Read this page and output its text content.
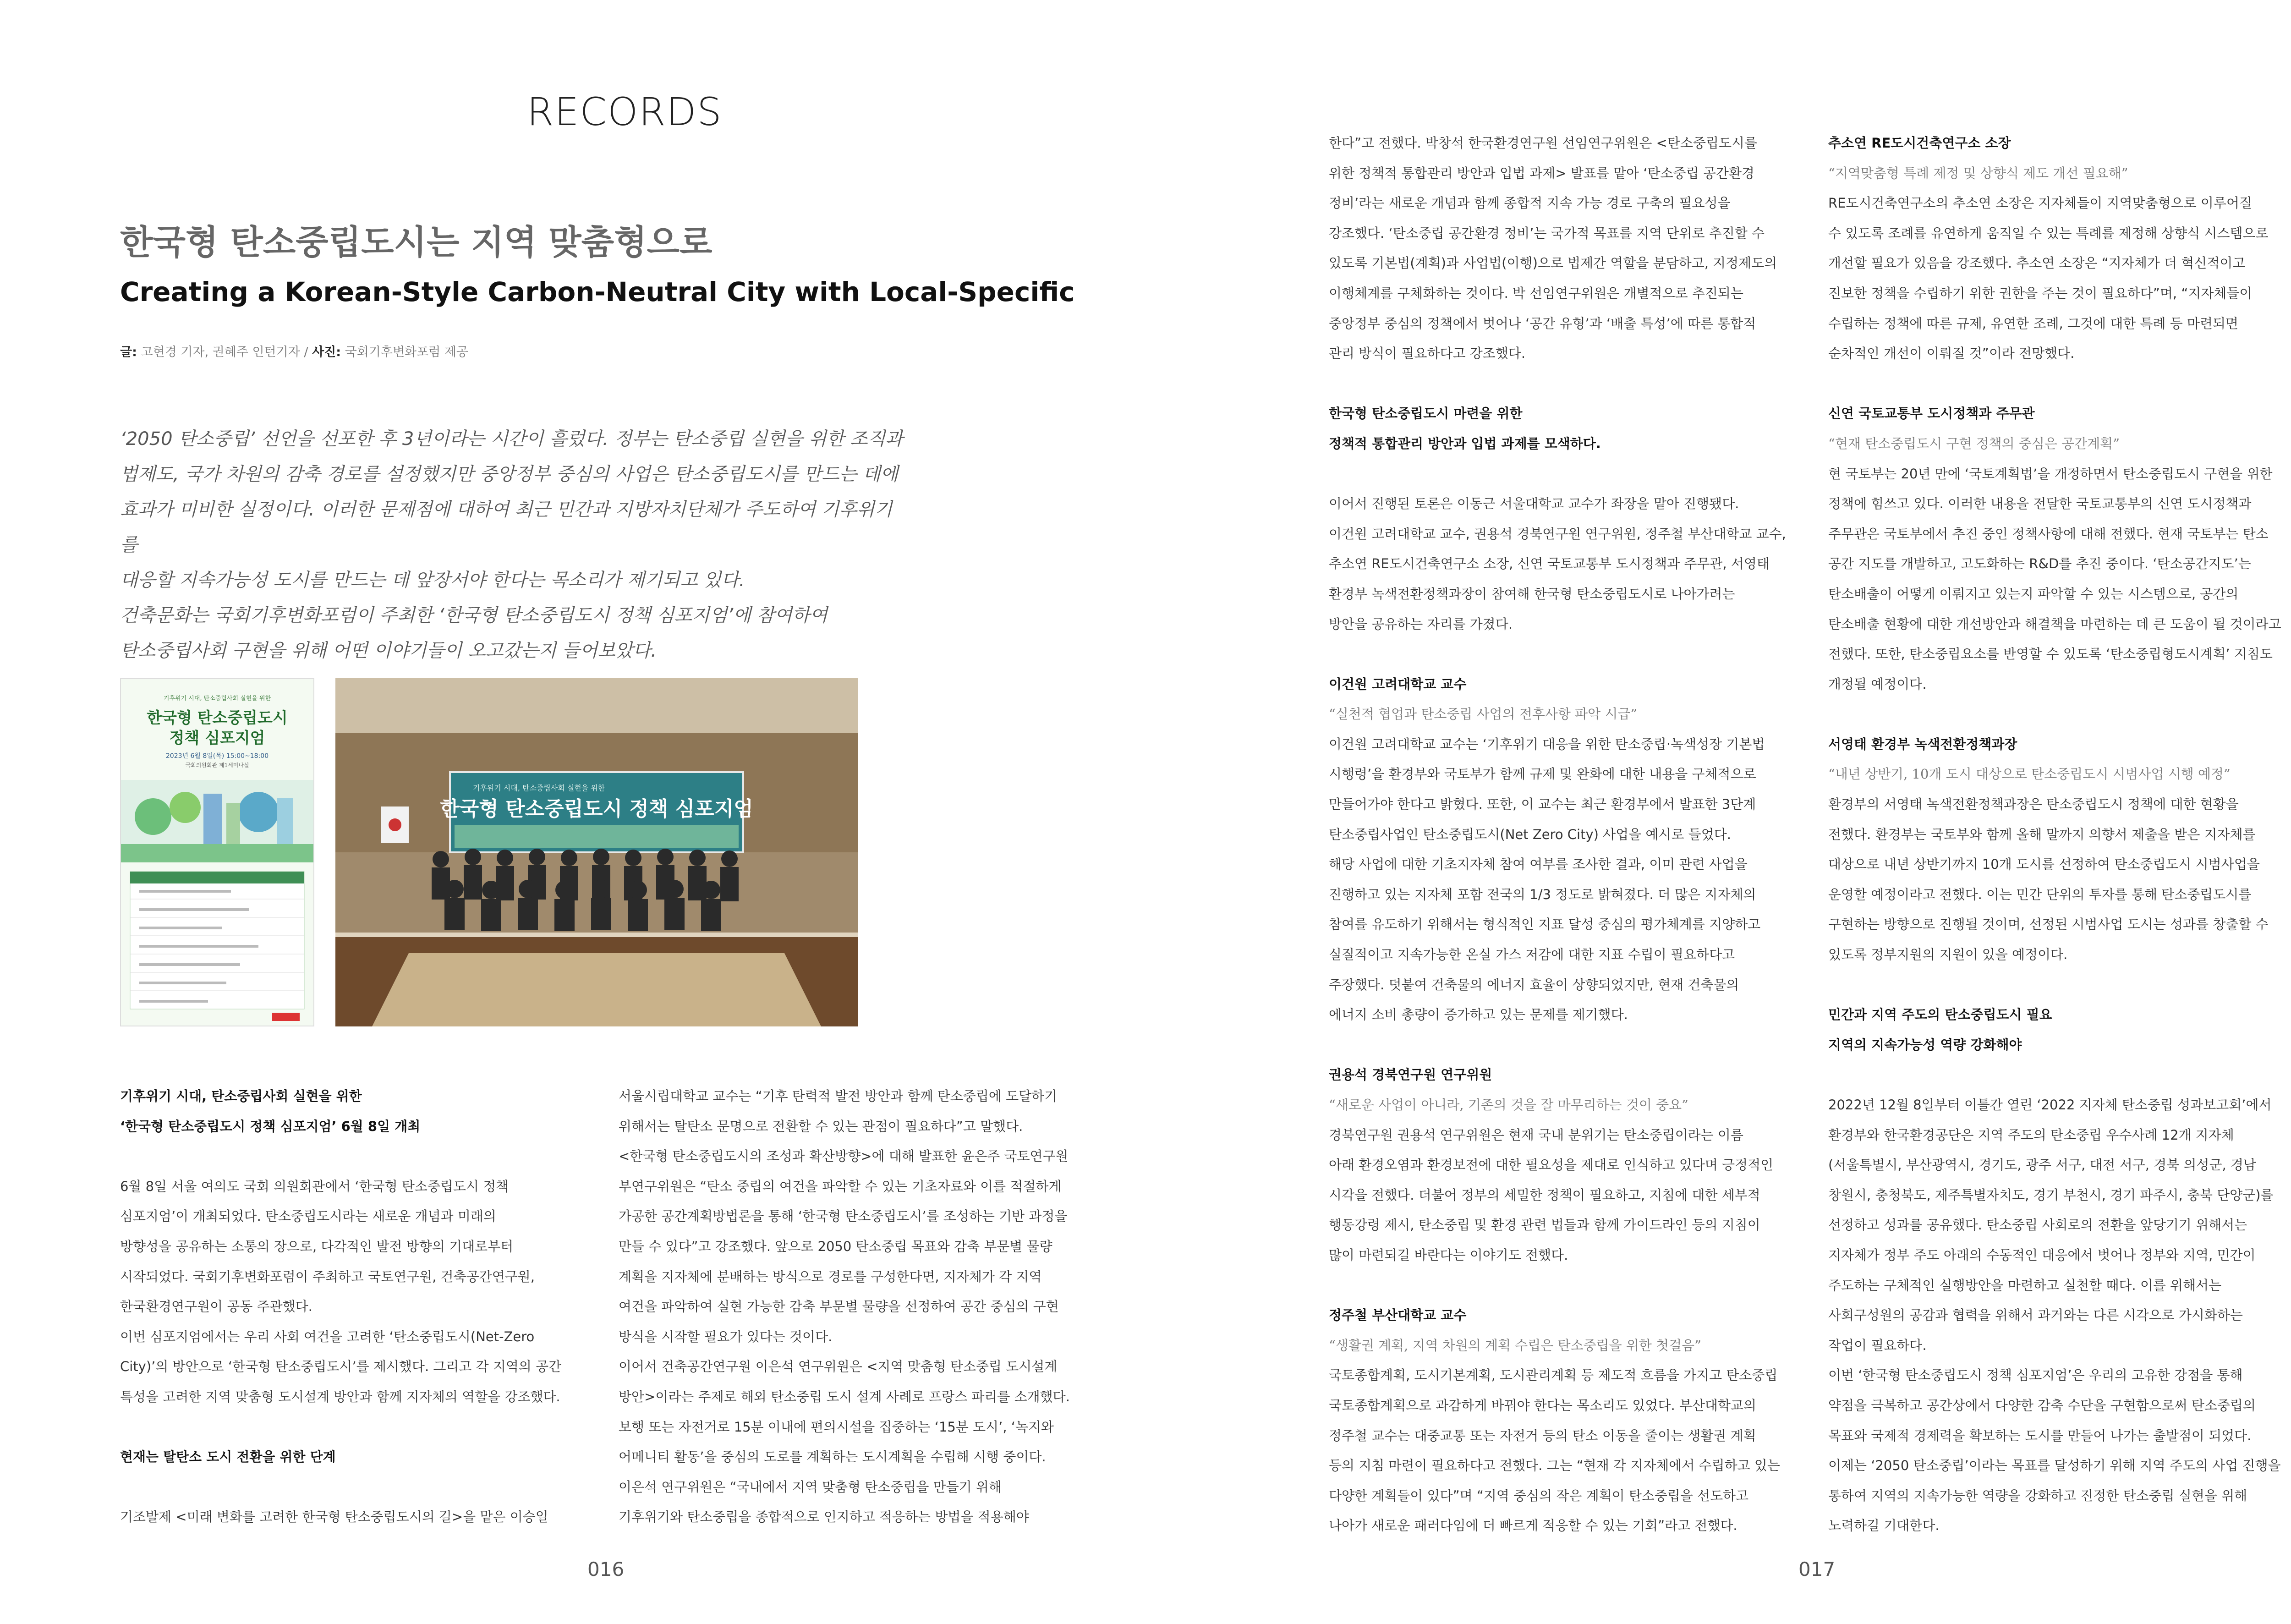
RECORDS
한국형 탄소중립도시는 지역 맞춤형으로
Creating a Korean-Style Carbon-Neutral City with Local-Specific
글: 고현경 기자, 권혜주 인턴기자 / 사진: 국회기후변화포럼 제공

‘2050 탄소중립’ 선언을 선포한 후 3년이라는 시간이 흘렀다. 정부는 탄소중립 실현을 위한 조직과

법제도, 국가 차원의 감축 경로를 설정했지만 중앙정부 중심의 사업은 탄소중립도시를 만드는 데에

효과가 미비한 실정이다. 이러한 문제점에 대하여 최근 민간과 지방자치단체가 주도하여 기후위기를

대응할 지속가능성 도시를 만드는 데 앞장서야 한다는 목소리가 제기되고 있다.

건축문화는 국회기후변화포럼이 주최한 ‘한국형 탄소중립도시 정책 심포지엄’에 참여하여

탄소중립사회 구현을 위해 어떤 이야기들이 오고갔는지 들어보았다.

기후위기 시대, 탄소중립사회 실현을 위한
한국형 탄소중립도시
정책 심포지엄
2023년 6월 8일(목) 15:00~18:00
국회의원회관 제1세미나실
기후위기 시대, 탄소중립사회 실현을 위한
한국형 탄소중립도시 정책 심포지엄

기후위기 시대, 탄소중립사회 실현을 위한

‘한국형 탄소중립도시 정책 심포지엄’ 6월 8일 개최

6월 8일 서울 여의도 국회 의원회관에서 ‘한국형 탄소중립도시 정책

심포지엄’이 개최되었다. 탄소중립도시라는 새로운 개념과 미래의

방향성을 공유하는 소통의 장으로, 다각적인 발전 방향의 기대로부터

시작되었다. 국회기후변화포럼이 주최하고 국토연구원, 건축공간연구원,

한국환경연구원이 공동 주관했다.

이번 심포지엄에서는 우리 사회 여건을 고려한 ‘탄소중립도시(Net-Zero

City)’의 방안으로 ‘한국형 탄소중립도시’를 제시했다. 그리고 각 지역의 공간

특성을 고려한 지역 맞춤형 도시설계 방안과 함께 지자체의 역할을 강조했다.

현재는 탈탄소 도시 전환을 위한 단계

기조발제 <미래 변화를 고려한 한국형 탄소중립도시의 길>을 맡은 이승일

서울시립대학교 교수는 “기후 탄력적 발전 방안과 함께 탄소중립에 도달하기

위해서는 탈탄소 문명으로 전환할 수 있는 관점이 필요하다”고 말했다.

<한국형 탄소중립도시의 조성과 확산방향>에 대해 발표한 윤은주 국토연구원

부연구위원은 “탄소 중립의 여건을 파악할 수 있는 기초자료와 이를 적절하게

가공한 공간계획방법론을 통해 ‘한국형 탄소중립도시’를 조성하는 기반 과정을

만들 수 있다”고 강조했다. 앞으로 2050 탄소중립 목표와 감축 부문별 물량

계획을 지자체에 분배하는 방식으로 경로를 구성한다면, 지자체가 각 지역

여건을 파악하여 실현 가능한 감축 부문별 물량을 선정하여 공간 중심의 구현

방식을 시작할 필요가 있다는 것이다.

이어서 건축공간연구원 이은석 연구위원은 <지역 맞춤형 탄소중립 도시설계

방안>이라는 주제로 해외 탄소중립 도시 설계 사례로 프랑스 파리를 소개했다.

보행 또는 자전거로 15분 이내에 편의시설을 집중하는 ‘15분 도시’, ‘녹지와

어메니티 활동’을 중심의 도로를 계획하는 도시계획을 수립해 시행 중이다.

이은석 연구위원은 “국내에서 지역 맞춤형 탄소중립을 만들기 위해

기후위기와 탄소중립을 종합적으로 인지하고 적응하는 방법을 적용해야

016

한다”고 전했다. 박창석 한국환경연구원 선임연구위원은 <탄소중립도시를

위한 정책적 통합관리 방안과 입법 과제> 발표를 맡아 ‘탄소중립 공간환경

정비’라는 새로운 개념과 함께 종합적 지속 가능 경로 구축의 필요성을

강조했다. ‘탄소중립 공간환경 정비’는 국가적 목표를 지역 단위로 추진할 수

있도록 기본법(계획)과 사업법(이행)으로 법제간 역할을 분담하고, 지정제도의

이행체계를 구체화하는 것이다. 박 선임연구위원은 개별적으로 추진되는

중앙정부 중심의 정책에서 벗어나 ‘공간 유형’과 ‘배출 특성’에 따른 통합적

관리 방식이 필요하다고 강조했다.

한국형 탄소중립도시 마련을 위한

정책적 통합관리 방안과 입법 과제를 모색하다.

이어서 진행된 토론은 이동근 서울대학교 교수가 좌장을 맡아 진행됐다.

이건원 고려대학교 교수, 권용석 경북연구원 연구위원, 정주철 부산대학교 교수,

추소연 RE도시건축연구소 소장, 신연 국토교통부 도시정책과 주무관, 서영태

환경부 녹색전환정책과장이 참여해 한국형 탄소중립도시로 나아가려는

방안을 공유하는 자리를 가졌다.

이건원 고려대학교 교수

“실천적 협업과 탄소중립 사업의 전후사항 파악 시급”

이건원 고려대학교 교수는 ‘기후위기 대응을 위한 탄소중립·녹색성장 기본법

시행령’을 환경부와 국토부가 함께 규제 및 완화에 대한 내용을 구체적으로

만들어가야 한다고 밝혔다. 또한, 이 교수는 최근 환경부에서 발표한 3단계

탄소중립사업인 탄소중립도시(Net Zero City) 사업을 예시로 들었다.

해당 사업에 대한 기초지자체 참여 여부를 조사한 결과, 이미 관련 사업을

진행하고 있는 지자체 포함 전국의 1/3 정도로 밝혀졌다. 더 많은 지자체의

참여를 유도하기 위해서는 형식적인 지표 달성 중심의 평가체계를 지양하고

실질적이고 지속가능한 온실 가스 저감에 대한 지표 수립이 필요하다고

주장했다. 덧붙여 건축물의 에너지 효율이 상향되었지만, 현재 건축물의

에너지 소비 총량이 증가하고 있는 문제를 제기했다.

권용석 경북연구원 연구위원

“새로운 사업이 아니라, 기존의 것을 잘 마무리하는 것이 중요”

경북연구원 권용석 연구위원은 현재 국내 분위기는 탄소중립이라는 이름

아래 환경오염과 환경보전에 대한 필요성을 제대로 인식하고 있다며 긍정적인

시각을 전했다. 더불어 정부의 세밀한 정책이 필요하고, 지침에 대한 세부적

행동강령 제시, 탄소중립 및 환경 관련 법들과 함께 가이드라인 등의 지침이

많이 마련되길 바란다는 이야기도 전했다.

정주철 부산대학교 교수

“생활권 계획, 지역 차원의 계획 수립은 탄소중립을 위한 첫걸음”

국토종합계획, 도시기본계획, 도시관리계획 등 제도적 흐름을 가지고 탄소중립

국토종합계획으로 과감하게 바꿔야 한다는 목소리도 있었다. 부산대학교의

정주철 교수는 대중교통 또는 자전거 등의 탄소 이동을 줄이는 생활권 계획

등의 지침 마련이 필요하다고 전했다. 그는 “현재 각 지자체에서 수립하고 있는

다양한 계획들이 있다”며 “지역 중심의 작은 계획이 탄소중립을 선도하고

나아가 새로운 패러다임에 더 빠르게 적응할 수 있는 기회”라고 전했다.

추소연 RE도시건축연구소 소장

“지역맞춤형 특례 제정 및 상향식 제도 개선 필요해”

RE도시건축연구소의 추소연 소장은 지자체들이 지역맞춤형으로 이루어질

수 있도록 조례를 유연하게 움직일 수 있는 특례를 제정해 상향식 시스템으로

개선할 필요가 있음을 강조했다. 추소연 소장은 “지자체가 더 혁신적이고

진보한 정책을 수립하기 위한 권한을 주는 것이 필요하다”며, “지자체들이

수립하는 정책에 따른 규제, 유연한 조례, 그것에 대한 특례 등 마련되면

순차적인 개선이 이뤄질 것”이라 전망했다.

신연 국토교통부 도시정책과 주무관

“현재 탄소중립도시 구현 정책의 중심은 공간계획”

현 국토부는 20년 만에 ‘국토계획법’을 개정하면서 탄소중립도시 구현을 위한

정책에 힘쓰고 있다. 이러한 내용을 전달한 국토교통부의 신연 도시정책과

주무관은 국토부에서 추진 중인 정책사항에 대해 전했다. 현재 국토부는 탄소

공간 지도를 개발하고, 고도화하는 R&D를 추진 중이다. ‘탄소공간지도’는

탄소배출이 어떻게 이뤄지고 있는지 파악할 수 있는 시스템으로, 공간의

탄소배출 현황에 대한 개선방안과 해결책을 마련하는 데 큰 도움이 될 것이라고

전했다. 또한, 탄소중립요소를 반영할 수 있도록 ‘탄소중립형도시계획’ 지침도

개정될 예정이다.

서영태 환경부 녹색전환정책과장

“내년 상반기, 10개 도시 대상으로 탄소중립도시 시범사업 시행 예정”

환경부의 서영태 녹색전환정책과장은 탄소중립도시 정책에 대한 현황을

전했다. 환경부는 국토부와 함께 올해 말까지 의향서 제출을 받은 지자체를

대상으로 내년 상반기까지 10개 도시를 선정하여 탄소중립도시 시범사업을

운영할 예정이라고 전했다. 이는 민간 단위의 투자를 통해 탄소중립도시를

구현하는 방향으로 진행될 것이며, 선정된 시범사업 도시는 성과를 창출할 수

있도록 정부지원의 지원이 있을 예정이다.

민간과 지역 주도의 탄소중립도시 필요

지역의 지속가능성 역량 강화해야

2022년 12월 8일부터 이틀간 열린 ‘2022 지자체 탄소중립 성과보고회’에서

환경부와 한국환경공단은 지역 주도의 탄소중립 우수사례 12개 지자체

(서울특별시, 부산광역시, 경기도, 광주 서구, 대전 서구, 경북 의성군, 경남

창원시, 충청북도, 제주특별자치도, 경기 부천시, 경기 파주시, 충북 단양군)를

선정하고 성과를 공유했다. 탄소중립 사회로의 전환을 앞당기기 위해서는

지자체가 정부 주도 아래의 수동적인 대응에서 벗어나 정부와 지역, 민간이

주도하는 구체적인 실행방안을 마련하고 실천할 때다. 이를 위해서는

사회구성원의 공감과 협력을 위해서 과거와는 다른 시각으로 가시화하는

작업이 필요하다.

이번 ‘한국형 탄소중립도시 정책 심포지엄’은 우리의 고유한 강점을 통해

약점을 극복하고 공간상에서 다양한 감축 수단을 구현함으로써 탄소중립의

목표와 국제적 경제력을 확보하는 도시를 만들어 나가는 출발점이 되었다.

이제는 ‘2050 탄소중립’이라는 목표를 달성하기 위해 지역 주도의 사업 진행을

통하여 지역의 지속가능한 역량을 강화하고 진정한 탄소중립 실현을 위해

노력하길 기대한다.

017
